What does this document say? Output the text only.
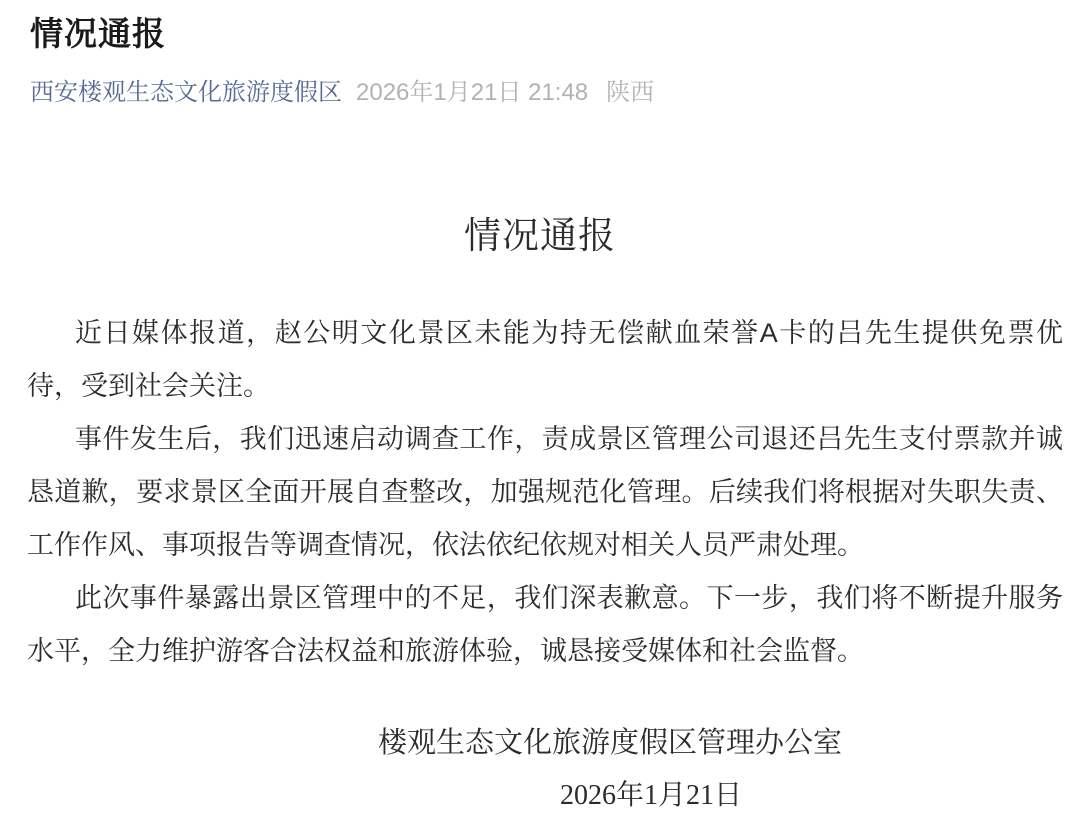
情况通报
西安楼观生态文化旅游度假区 2026年1月21日 21:48 陕西
情况通报

近日媒体报道，赵公明文化景区未能为持无偿献血荣誉A卡的吕先生提供免票优待，受到社会关注。

事件发生后，我们迅速启动调查工作，责成景区管理公司退还吕先生支付票款并诚恳道歉，要求景区全面开展自查整改，加强规范化管理。后续我们将根据对失职失责、工作作风、事项报告等调查情况，依法依纪依规对相关人员严肃处理。

此次事件暴露出景区管理中的不足，我们深表歉意。下一步，我们将不断提升服务水平，全力维护游客合法权益和旅游体验，诚恳接受媒体和社会监督。

楼观生态文化旅游度假区管理办公室
2026年1月21日
